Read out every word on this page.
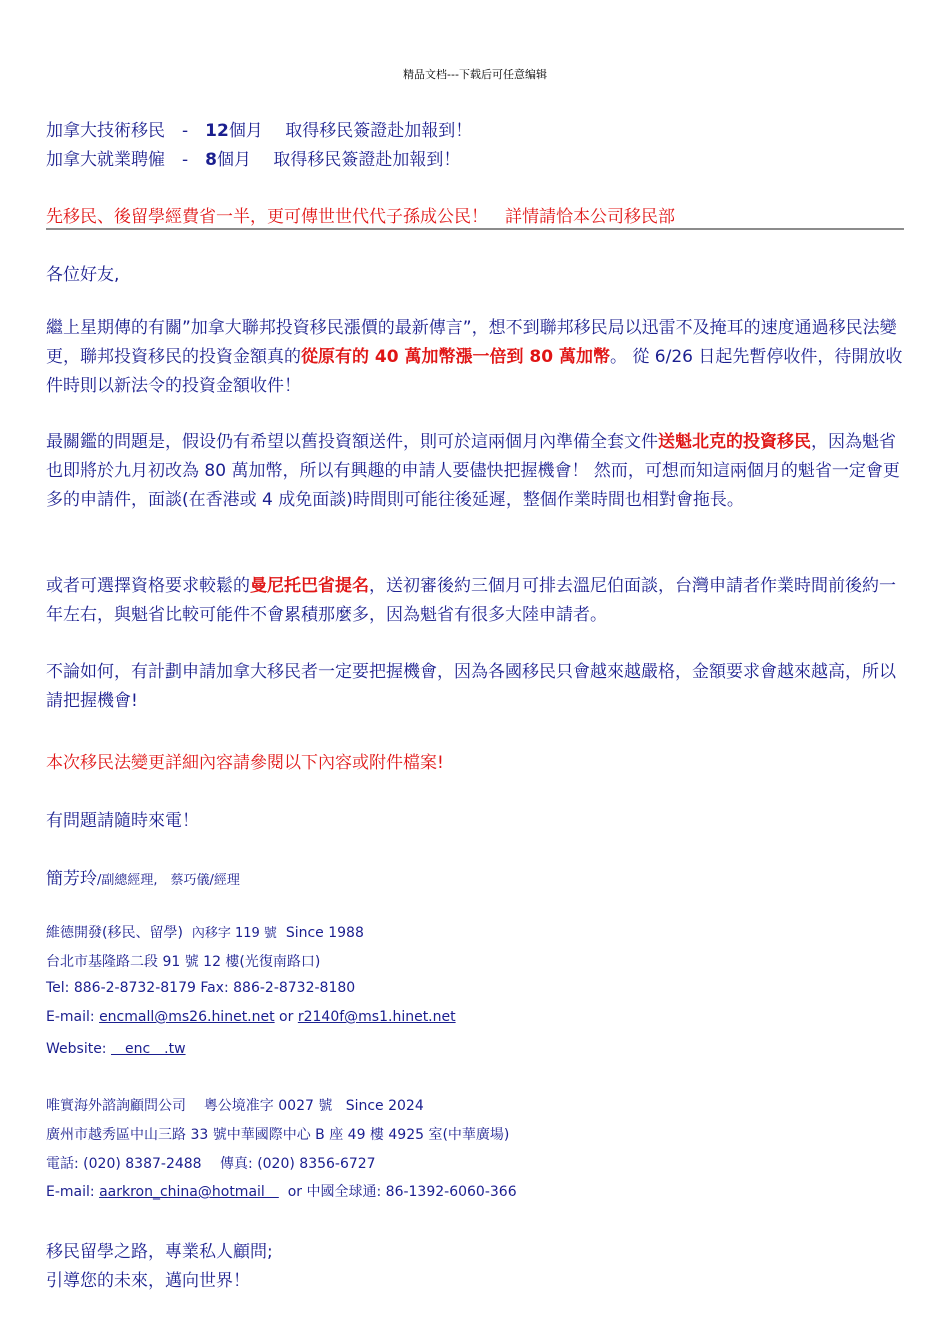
精品文档---下载后可任意编辑
加拿大技術移民　-　12個月　 取得移民簽證赴加報到！
加拿大就業聘僱　-　8個月　 取得移民簽證赴加報到！
先移民、後留學經費省一半，更可傳世世代代子孫成公民！　詳情請恰本公司移民部
各位好友,
繼上星期傳的有關”加拿大聯邦投資移民漲價的最新傳言”，想不到聯邦移民局以迅雷不及掩耳的速度通過移民法變更，聯邦投資移民的投資金額真的從原有的 40 萬加幣漲一倍到 80 萬加幣。 從 6/26 日起先暫停收件，待開放收件時則以新法令的投資金額收件！
最關鑑的問題是，假设仍有希望以舊投資額送件，則可於這兩個月內準備全套文件送魁北克的投資移民，因為魁省也即將於九月初改為 80 萬加幣，所以有興趣的申請人要儘快把握機會！ 然而，可想而知這兩個月的魁省一定會更多的申請件，面談(在香港或 4 成免面談)時間則可能往後延遲，整個作業時間也相對會拖長。
或者可選擇資格要求較鬆的曼尼托巴省提名，送初審後約三個月可排去溫尼伯面談，台灣申請者作業時間前後約一年左右，與魁省比較可能件不會累積那麼多，因為魁省有很多大陸申請者。
不論如何，有計劃申請加拿大移民者一定要把握機會，因為各國移民只會越來越嚴格，金額要求會越來越高，所以請把握機會!
本次移民法變更詳細內容請參閱以下內容或附件檔案!
有問題請隨時來電！
簡芳玲/副總經理,　蔡巧儀/經理
維德開發(移民、留學) 內移字 119 號 Since 1988
台北市基隆路二段 91 號 12 樓(光復南路口)
Tel: 886-2-8732-8179 Fax: 886-2-8732-8180
E-mail: encmall@ms26.hinet.net or r2140f@ms1.hinet.net
Website: 　enc　.tw
唯實海外諮詢顧問公司 粵公境准字 0027 號 Since 2024
廣州市越秀區中山三路 33 號中華國際中心 B 座 49 樓 4925 室(中華廣場)
電話: (020) 8387-2488　 傳真: (020) 8356-6727
E-mail: aarkron_china@hotmail　  or 中國全球通: 86-1392-6060-366
移民留學之路，專業私人顧問;
引導您的未來，邁向世界！
